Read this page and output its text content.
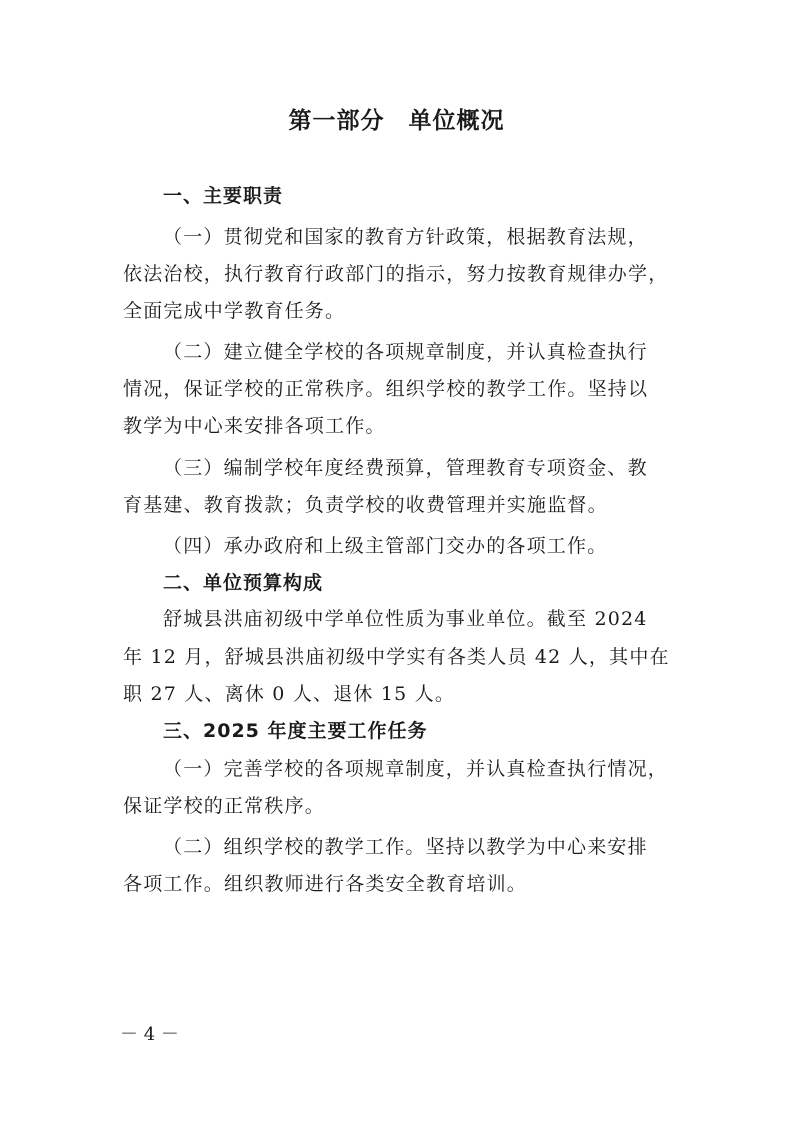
第一部分　单位概况
一、主要职责
（一）贯彻党和国家的教育方针政策，根据教育法规，
依法治校，执行教育行政部门的指示，努力按教育规律办学，
全面完成中学教育任务。
（二）建立健全学校的各项规章制度，并认真检查执行
情况，保证学校的正常秩序。组织学校的教学工作。坚持以
教学为中心来安排各项工作。
（三）编制学校年度经费预算，管理教育专项资金、教
育基建、教育拨款；负责学校的收费管理并实施监督。
（四）承办政府和上级主管部门交办的各项工作。
二、单位预算构成
舒城县洪庙初级中学单位性质为事业单位。截至 2024
年 12 月，舒城县洪庙初级中学实有各类人员 42 人，其中在
职 27 人、离休 0 人、退休 15 人。
三、2025 年度主要工作任务
（一）完善学校的各项规章制度，并认真检查执行情况，
保证学校的正常秩序。
（二）组织学校的教学工作。坚持以教学为中心来安排
各项工作。组织教师进行各类安全教育培训。
－ 4 －
